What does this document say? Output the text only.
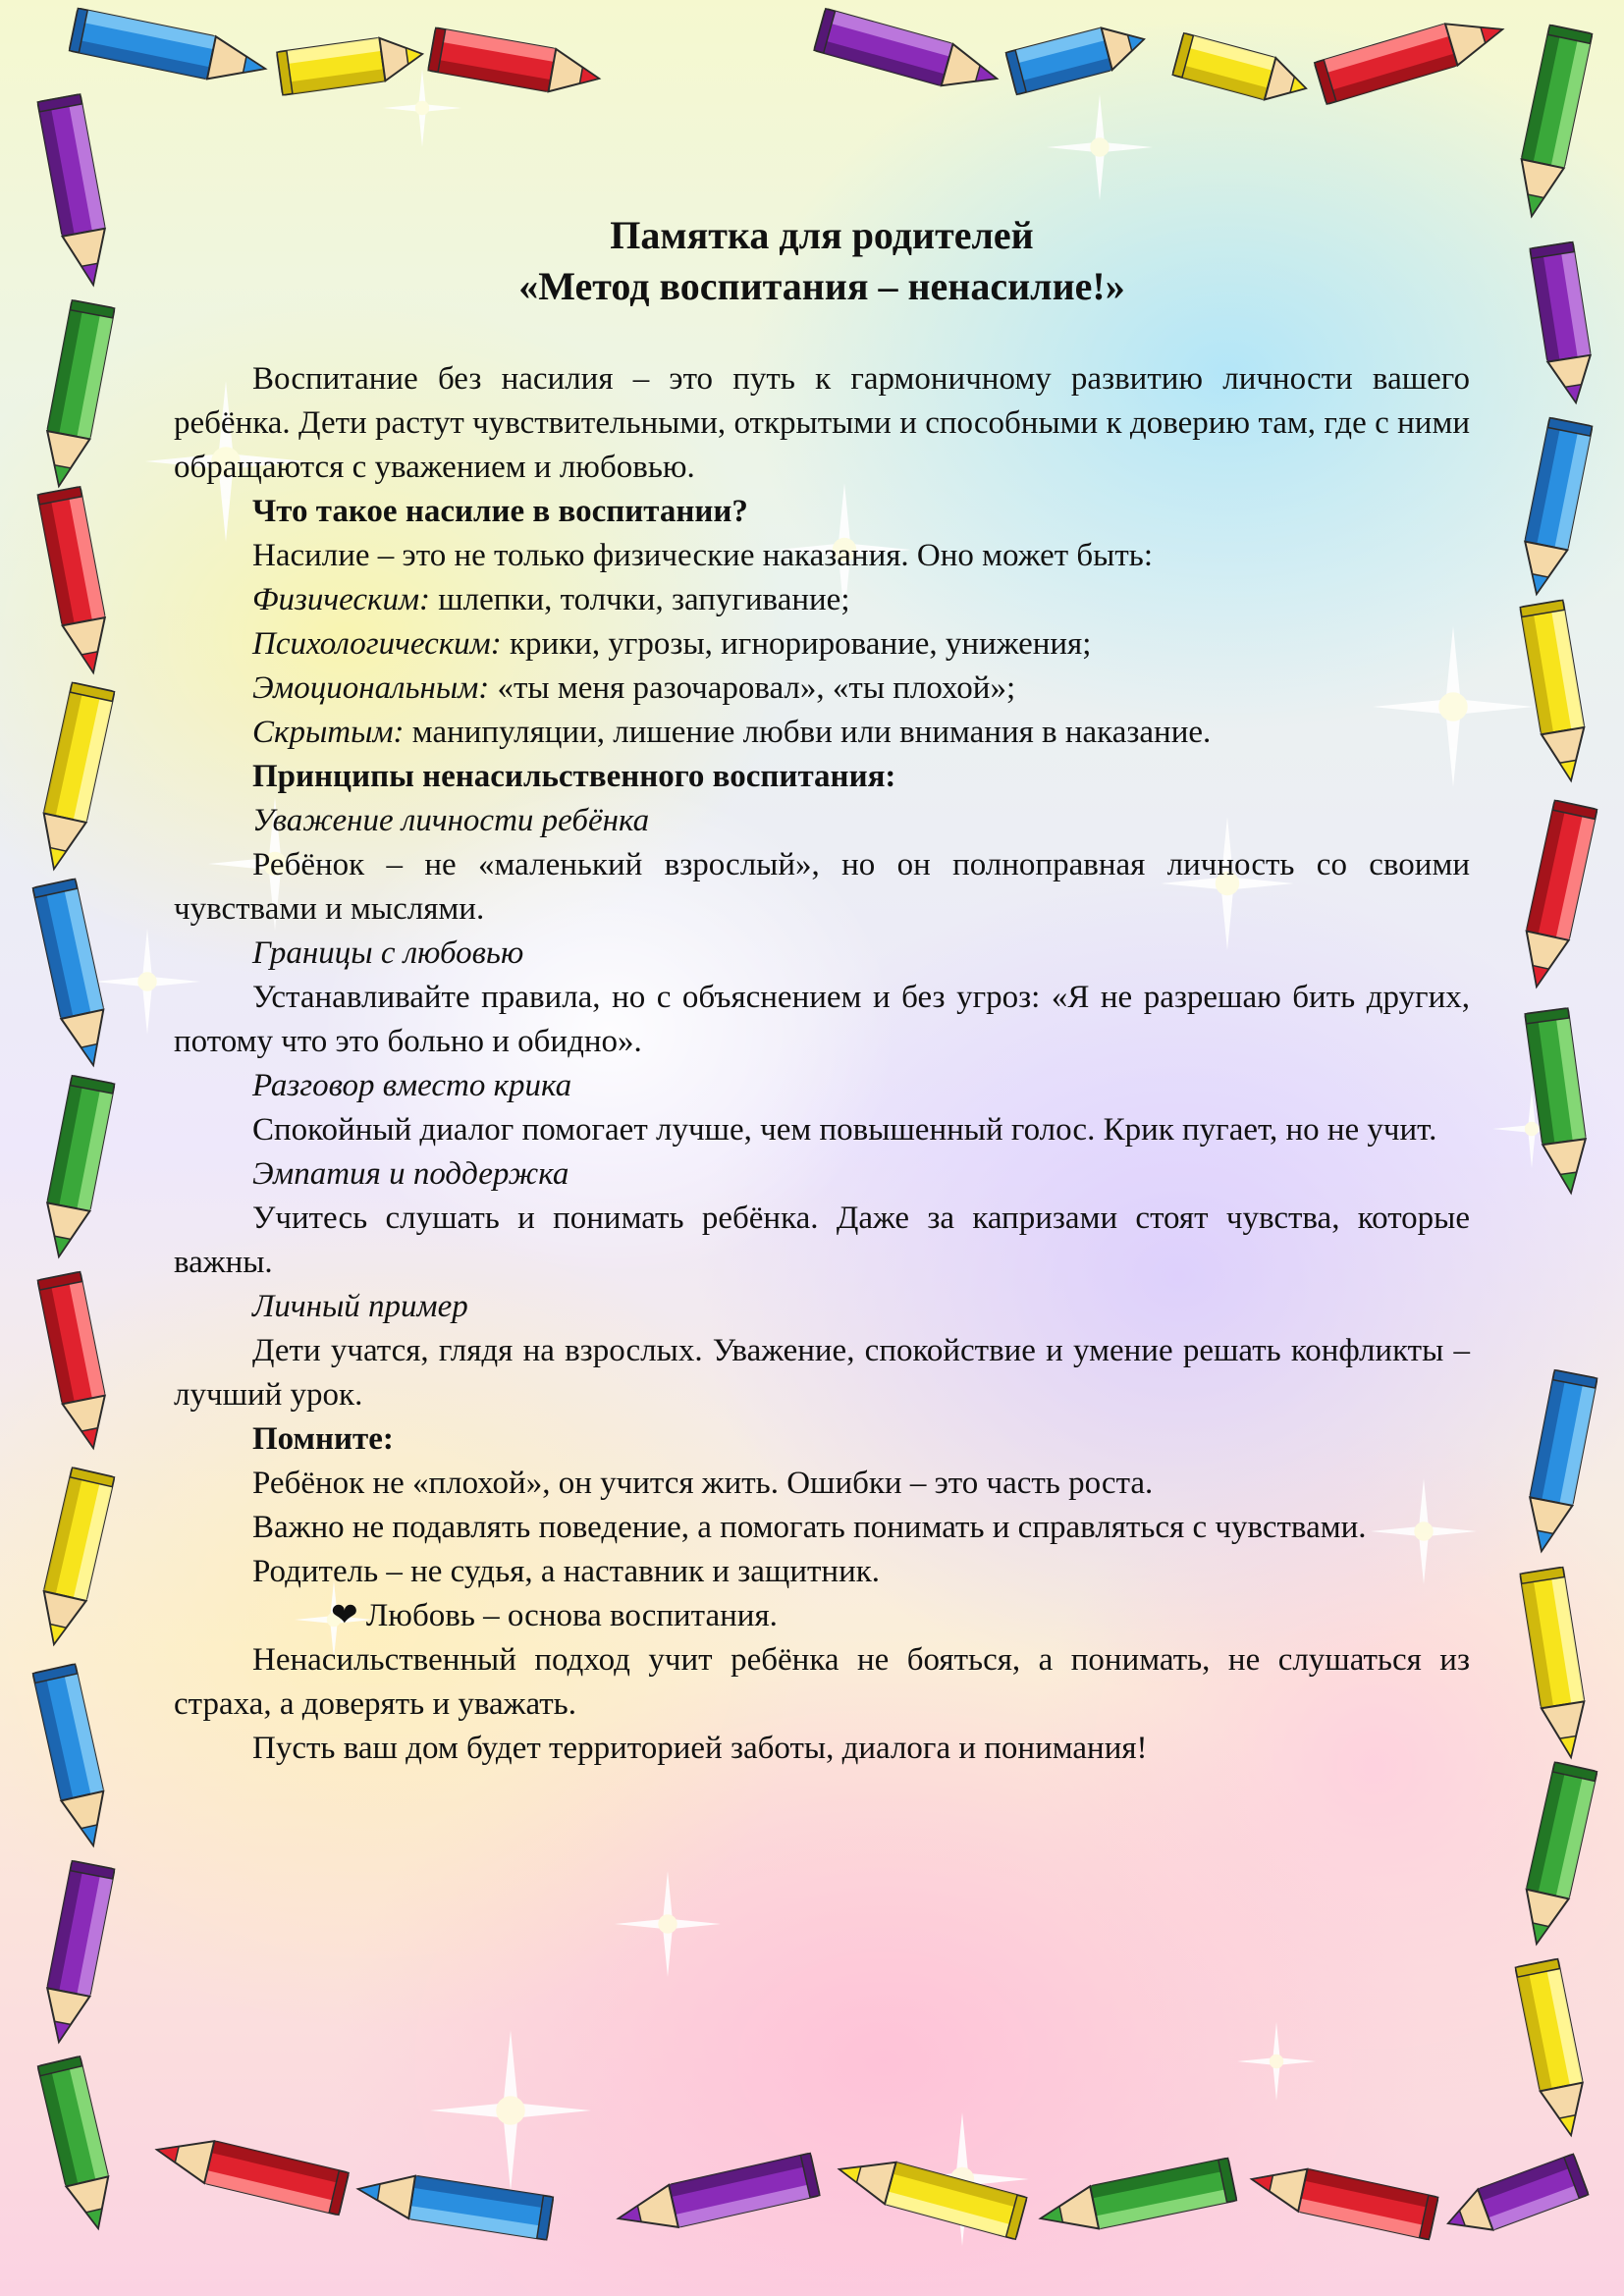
Памятка для родителей
«Метод воспитания – ненасилие!»

Воспитание без насилия – это путь к гармоничному развитию личности вашего ребёнка. Дети растут чувствительными, открытыми и способными к доверию там, где с ними обращаются с уважением и любовью.

Что такое насилие в воспитании?

Насилие – это не только физические наказания. Оно может быть:

Физическим: шлепки, толчки, запугивание;

Психологическим: крики, угрозы, игнорирование, унижения;

Эмоциональным: «ты меня разочаровал», «ты плохой»;

Скрытым: манипуляции, лишение любви или внимания в наказание.

Принципы ненасильственного воспитания:

Уважение личности ребёнка

Ребёнок – не «маленький взрослый», но он полноправная личность со своими чувствами и мыслями.

Границы с любовью

Устанавливайте правила, но с объяснением и без угроз: «Я не разрешаю бить других, потому что это больно и обидно».

Разговор вместо крика

Спокойный диалог помогает лучше, чем повышенный голос. Крик пугает, но не учит.

Эмпатия и поддержка

Учитесь слушать и понимать ребёнка. Даже за капризами стоят чувства, которые важны.

Личный пример

Дети учатся, глядя на взрослых. Уважение, спокойствие и умение решать конфликты – лучший урок.

Помните:

Ребёнок не «плохой», он учится жить. Ошибки – это часть роста.

Важно не подавлять поведение, а помогать понимать и справляться с чувствами.

Родитель – не судья, а наставник и защитник.

❤ Любовь – основа воспитания.

Ненасильственный подход учит ребёнка не бояться, а понимать, не слушаться из страха, а доверять и уважать.

Пусть ваш дом будет территорией заботы, диалога и понимания!
